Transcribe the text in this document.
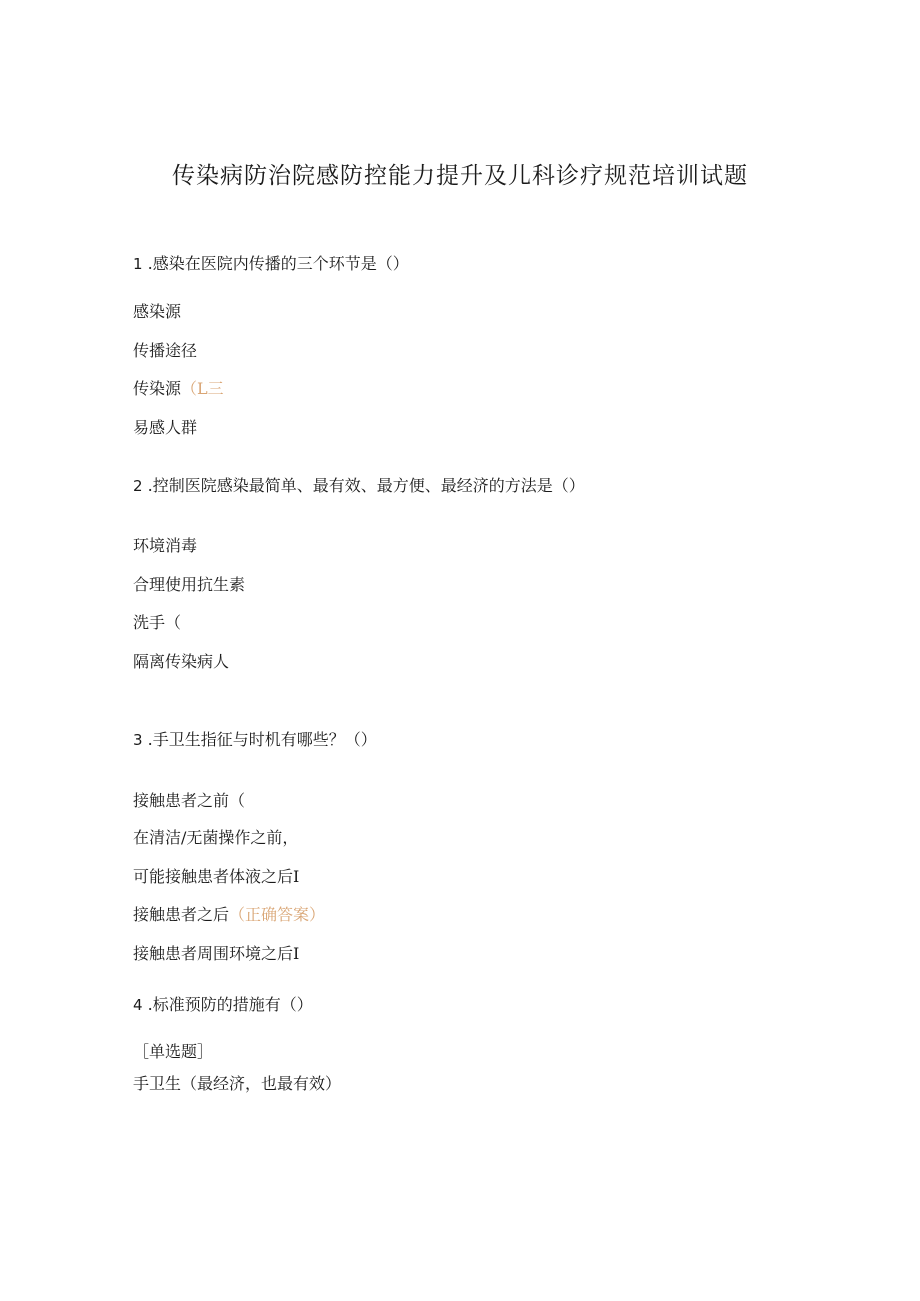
传染病防治院感防控能力提升及儿科诊疗规范培训试题
1 .感染在医院内传播的三个环节是（）
感染源
传播途径
传染源（L三
易感人群
2 .控制医院感染最简单、最有效、最方便、最经济的方法是（）
环境消毒
合理使用抗生素
洗手（
隔离传染病人
3 .手卫生指征与时机有哪些？（）
接触患者之前（
在清洁/无菌操作之前，
可能接触患者体液之后I
接触患者之后（正确答案）
接触患者周围环境之后I
4 .标准预防的措施有（）
［单选题］
手卫生（最经济，也最有效）
